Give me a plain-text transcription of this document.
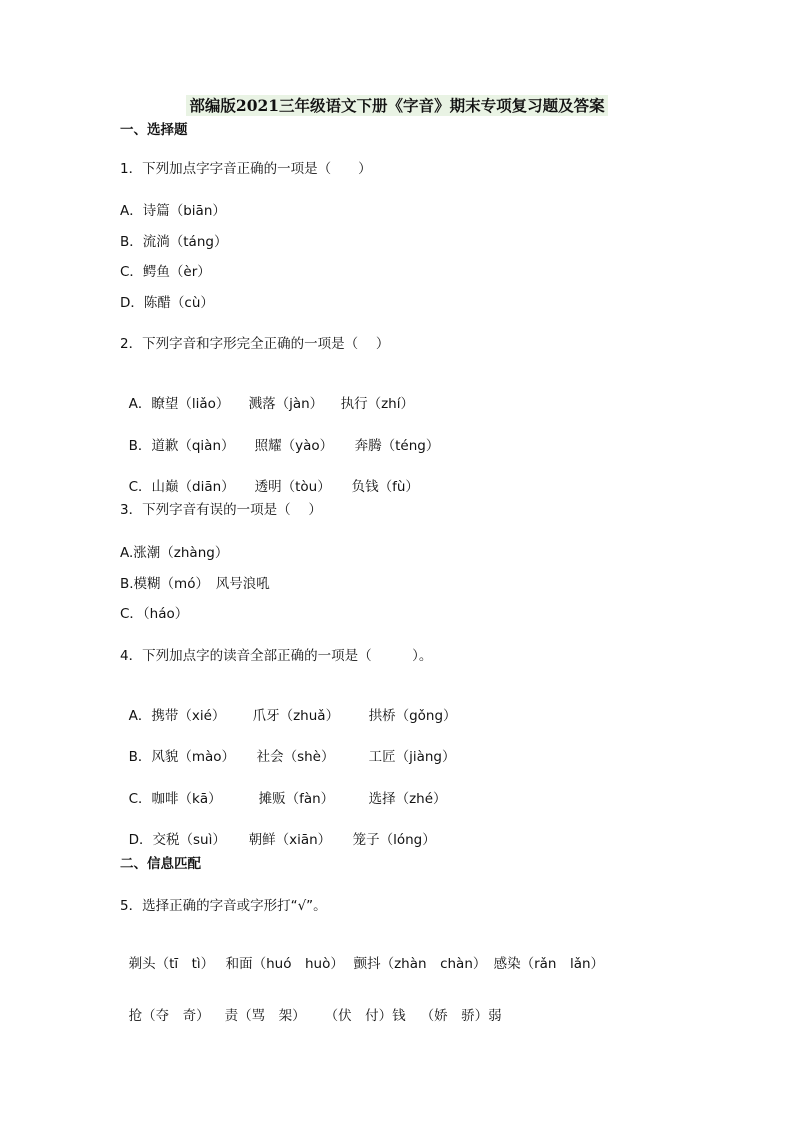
部编版2021三年级语文下册《字音》期末专项复习题及答案
一、选择题
1．下列加点字字音正确的一项是（　　）
A．诗篇（biān）
B．流淌（táng）
C．鳄鱼（èr）
D．陈醋（cù）
2．下列字音和字形完全正确的一项是（　 ）

A．瞭望（liǎo） 溅落（jàn） 执行（zhí）

B．道歉（qiàn） 照耀（yào） 奔腾（téng）

C．山巅（diān） 透明（tòu） 负钱（fù）

3．下列字音有误的一项是（　 ）
A.涨潮（zhàng）
B.模糊（mó）　风号浪吼
C．（háo）
4．下列加点字的读音全部正确的一项是（　　　）。

A．携带（xié） 爪牙（zhuǎ） 拱桥（gǒng）

B．风貌（mào） 社会（shè）	工匠（jiàng）

C．咖啡（kā）	摊贩（fàn）	选择（zhé）

D．交税（suì） 朝鲜（xiān） 笼子（lóng）

二、信息匹配
5．选择正确的字音或字形打“√”。

剃头（tī　tì） 和面（huó　huò） 颤抖（zhàn　chàn） 感染（rǎn　lǎn）

抢（夺　奇） 责（骂　架） （伏　付）钱 （娇　骄）弱
